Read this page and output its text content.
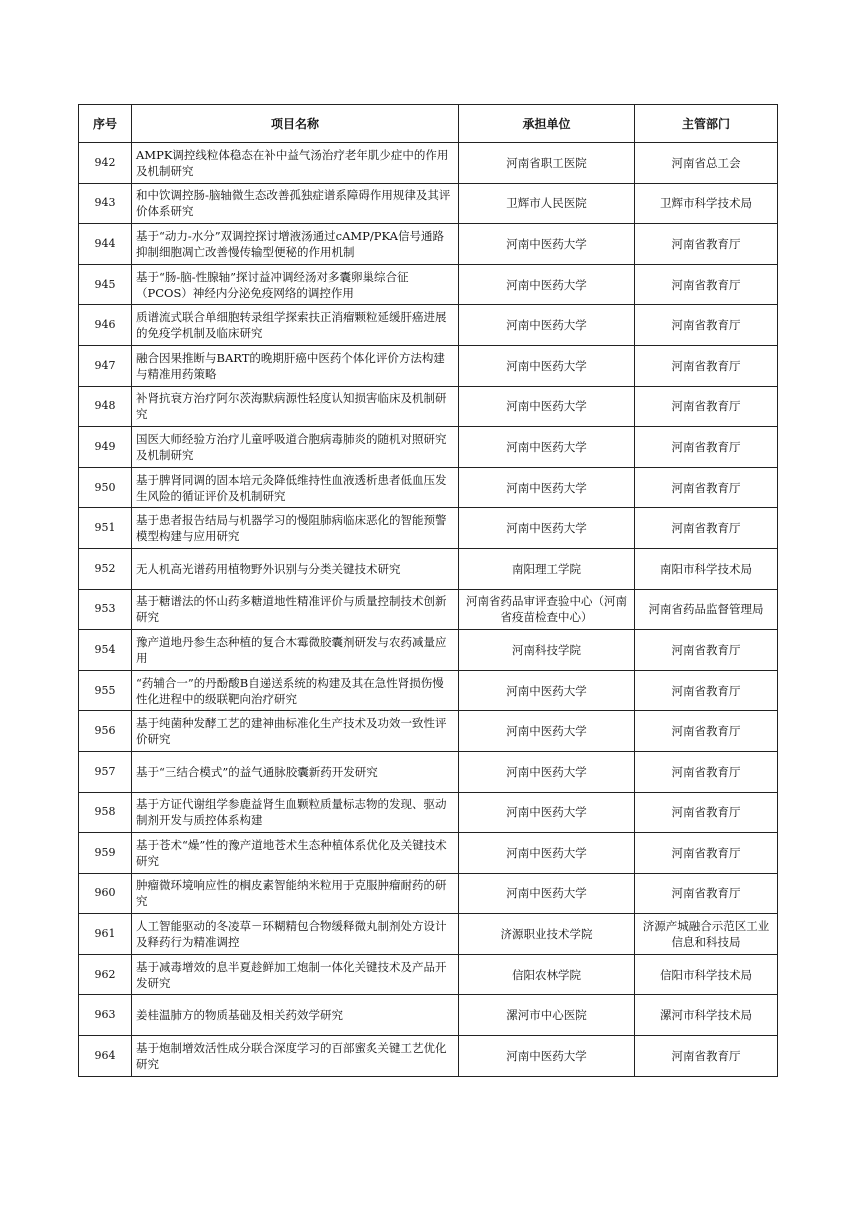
序号	项目名称	承担单位	主管部门
942	AMPK调控线粒体稳态在补中益气汤治疗老年肌少症中的作用及机制研究	河南省职工医院	河南省总工会
943	和中饮调控肠-脑轴微生态改善孤独症谱系障碍作用规律及其评价体系研究	卫辉市人民医院	卫辉市科学技术局
944	基于“动力-水分”双调控探讨增液汤通过cAMP/PKA信号通路抑制细胞凋亡改善慢传输型便秘的作用机制	河南中医药大学	河南省教育厅
945	基于“肠-脑-性腺轴”探讨益冲调经汤对多囊卵巢综合征（PCOS）神经内分泌免疫网络的调控作用	河南中医药大学	河南省教育厅
946	质谱流式联合单细胞转录组学探索扶正消瘤颗粒延缓肝癌进展的免疫学机制及临床研究	河南中医药大学	河南省教育厅
947	融合因果推断与BART的晚期肝癌中医药个体化评价方法构建与精准用药策略	河南中医药大学	河南省教育厅
948	补肾抗衰方治疗阿尔茨海默病源性轻度认知损害临床及机制研究	河南中医药大学	河南省教育厅
949	国医大师经验方治疗儿童呼吸道合胞病毒肺炎的随机对照研究及机制研究	河南中医药大学	河南省教育厅
950	基于脾肾同调的固本培元灸降低维持性血液透析患者低血压发生风险的循证评价及机制研究	河南中医药大学	河南省教育厅
951	基于患者报告结局与机器学习的慢阻肺病临床恶化的智能预警模型构建与应用研究	河南中医药大学	河南省教育厅
952	无人机高光谱药用植物野外识别与分类关键技术研究	南阳理工学院	南阳市科学技术局
953	基于糖谱法的怀山药多糖道地性精准评价与质量控制技术创新研究	河南省药品审评查验中心（河南省疫苗检查中心）	河南省药品监督管理局
954	豫产道地丹参生态种植的复合木霉微胶囊剂研发与农药减量应用	河南科技学院	河南省教育厅
955	“药辅合一”的丹酚酸B自递送系统的构建及其在急性肾损伤慢性化进程中的级联靶向治疗研究	河南中医药大学	河南省教育厅
956	基于纯菌种发酵工艺的建神曲标准化生产技术及功效一致性评价研究	河南中医药大学	河南省教育厅
957	基于“三结合模式”的益气通脉胶囊新药开发研究	河南中医药大学	河南省教育厅
958	基于方证代谢组学参鹿益肾生血颗粒质量标志物的发现、驱动制剂开发与质控体系构建	河南中医药大学	河南省教育厅
959	基于苍术“燥”性的豫产道地苍术生态种植体系优化及关键技术研究	河南中医药大学	河南省教育厅
960	肿瘤微环境响应性的榈皮素智能纳米粒用于克服肿瘤耐药的研究	河南中医药大学	河南省教育厅
961	人工智能驱动的冬凌草－环糊精包合物缓释微丸制剂处方设计及释药行为精准调控	济源职业技术学院	济源产城融合示范区工业信息和科技局
962	基于减毒增效的息半夏趁鲜加工炮制一体化关键技术及产品开发研究	信阳农林学院	信阳市科学技术局
963	姜桂温肺方的物质基础及相关药效学研究	漯河市中心医院	漯河市科学技术局
964	基于炮制增效活性成分联合深度学习的百部蜜炙关键工艺优化研究	河南中医药大学	河南省教育厅
